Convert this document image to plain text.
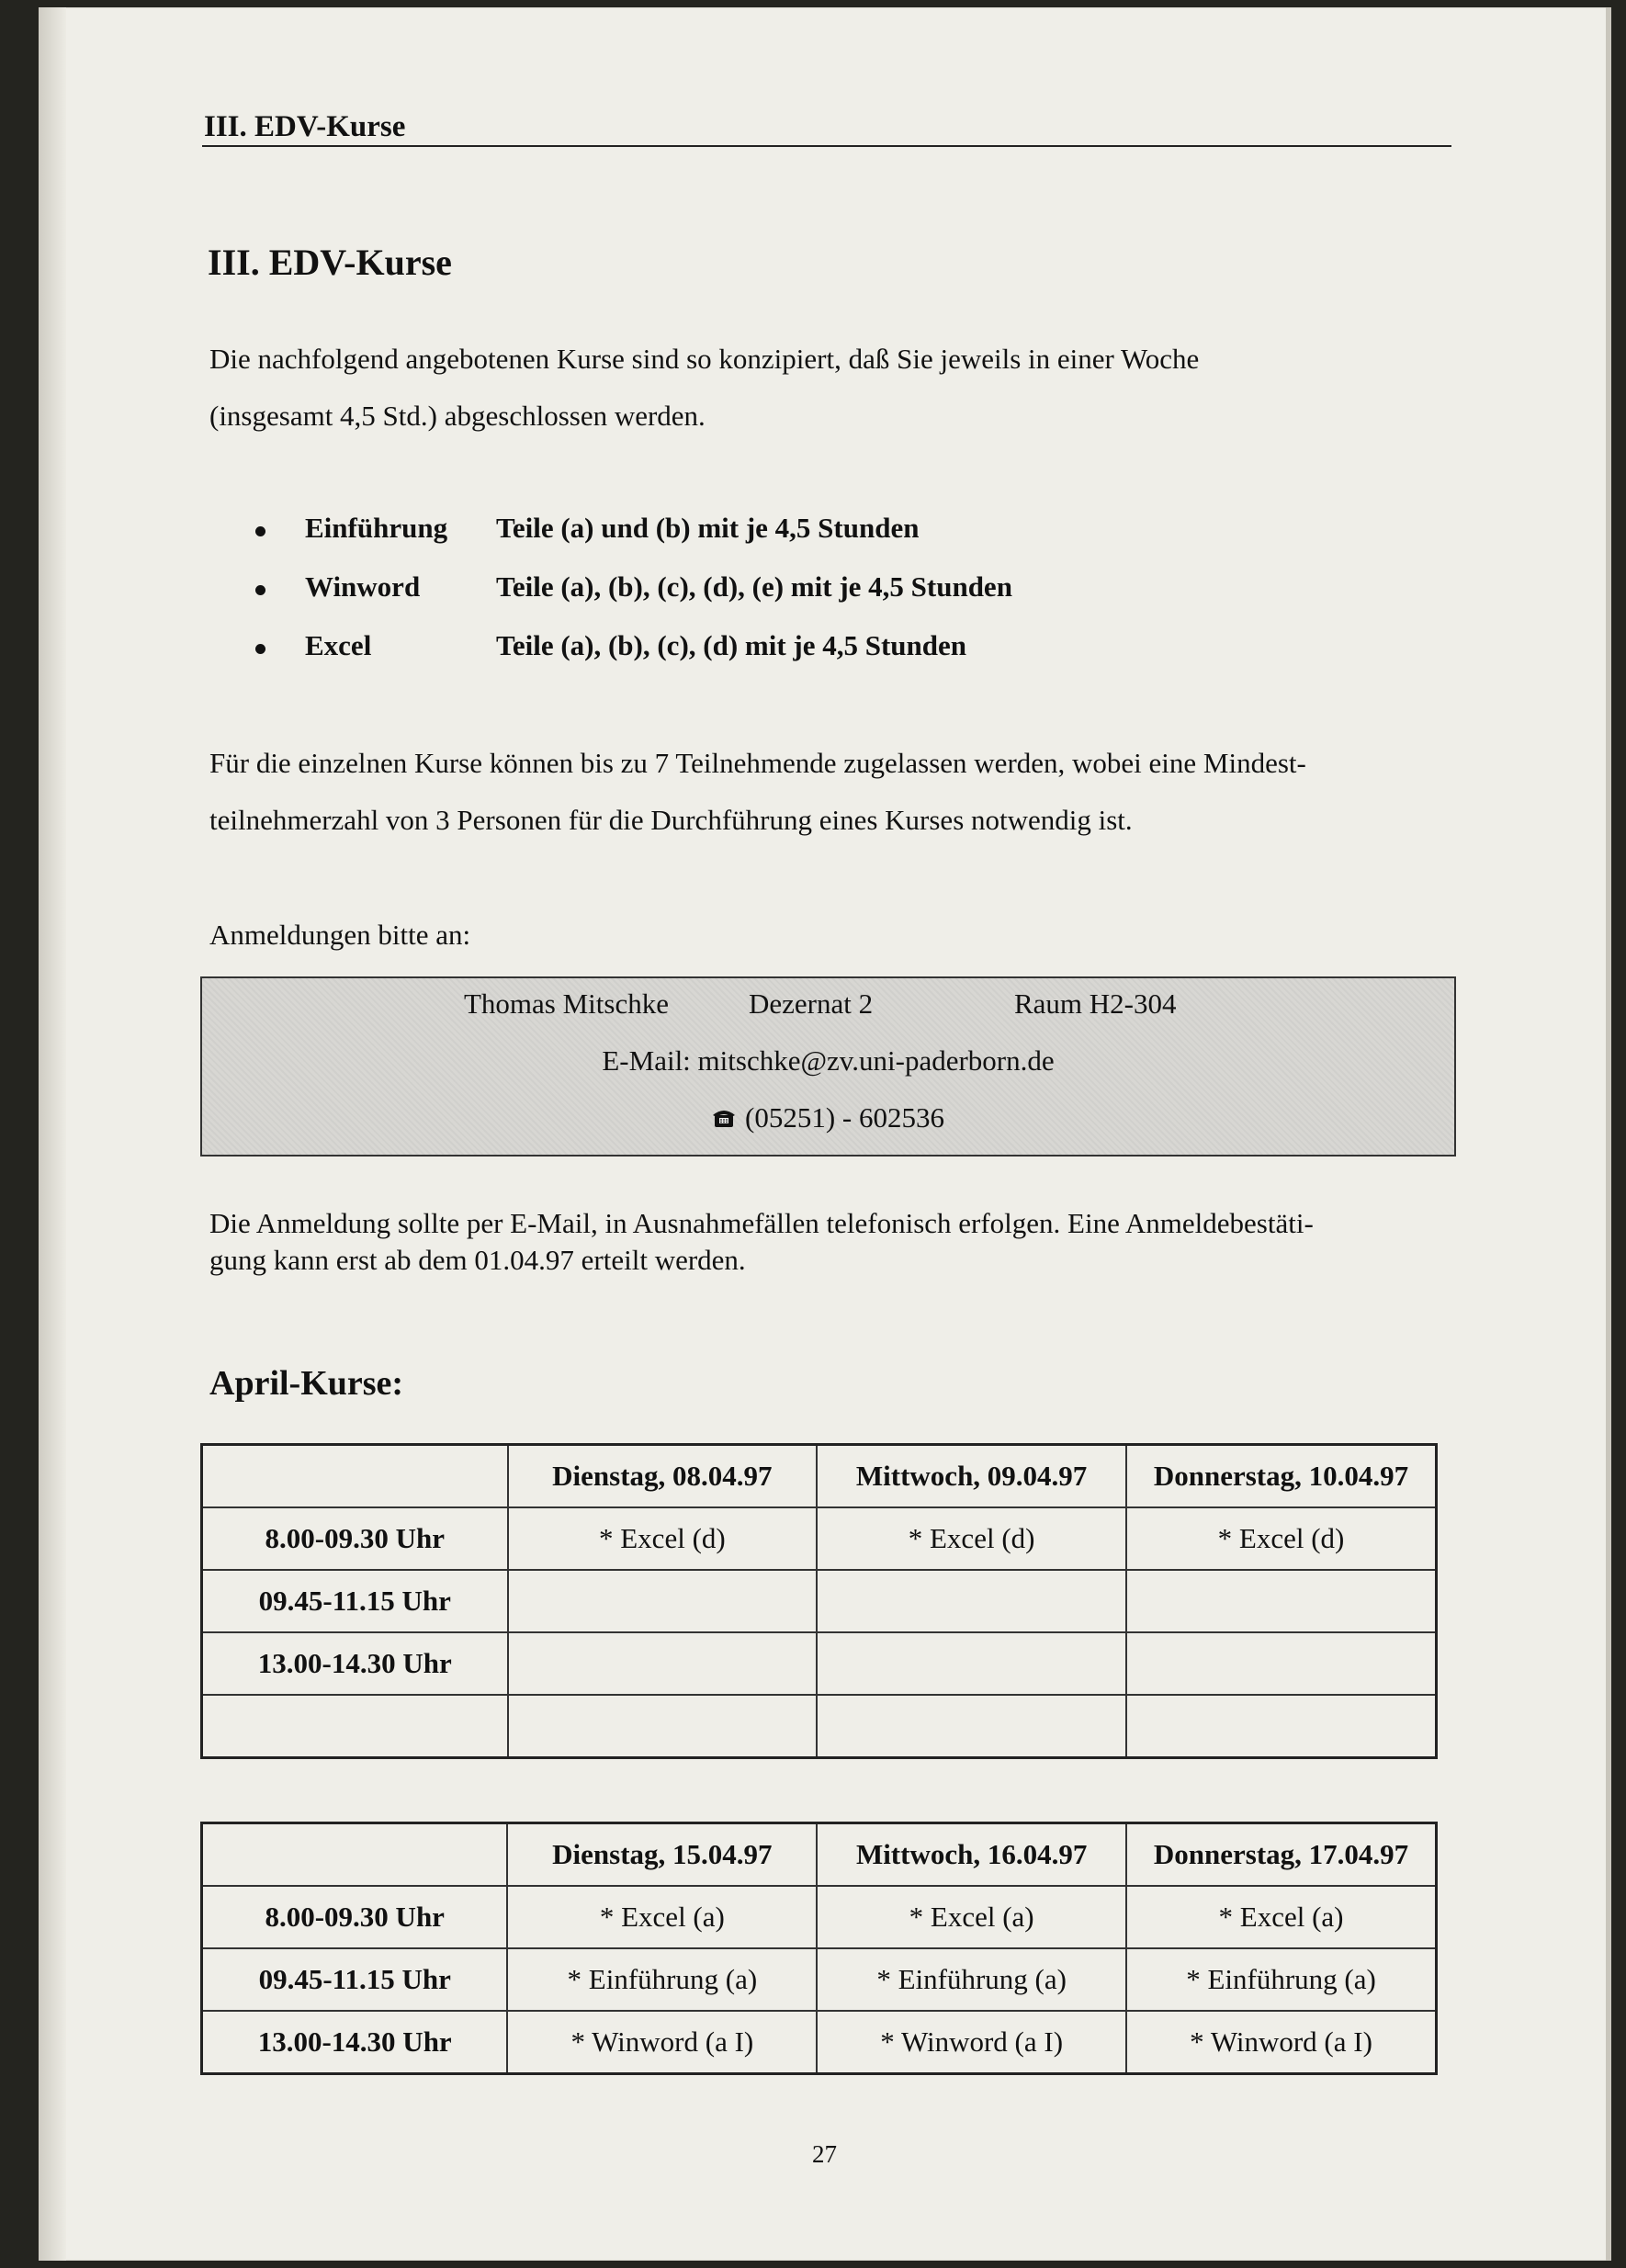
III. EDV-Kurse
III. EDV-Kurse
Die nachfolgend angebotenen Kurse sind so konzipiert, daß Sie jeweils in einer Woche
(insgesamt 4,5 Std.) abgeschlossen werden.
Einführung Teile (a) und (b) mit je 4,5 Stunden
Winword	Teile (a), (b), (c), (d), (e) mit je 4,5 Stunden
Excel	Teile (a), (b), (c), (d) mit je 4,5 Stunden
Für die einzelnen Kurse können bis zu 7 Teilnehmende zugelassen werden, wobei eine Mindest-
teilnehmerzahl von 3 Personen für die Durchführung eines Kurses notwendig ist.
Anmeldungen bitte an:
Thomas Mitschke	Dezernat 2	Raum H2-304
E-Mail: mitschke@zv.uni-paderborn.de
(05251) - 602536
Die Anmeldung sollte per E-Mail, in Ausnahmefällen telefonisch erfolgen. Eine Anmeldebestäti-
gung kann erst ab dem 01.04.97 erteilt werden.
April-Kurse:
	Dienstag, 08.04.97	Mittwoch, 09.04.97	Donnerstag, 10.04.97
8.00-09.30 Uhr	* Excel (d)	* Excel (d)	* Excel (d)
09.45-11.15 Uhr			
13.00-14.30 Uhr			

	Dienstag, 15.04.97	Mittwoch, 16.04.97	Donnerstag, 17.04.97
8.00-09.30 Uhr	* Excel (a)	* Excel (a)	* Excel (a)
09.45-11.15 Uhr	* Einführung (a)	* Einführung (a)	* Einführung (a)
13.00-14.30 Uhr	* Winword (a I)	* Winword (a I)	* Winword (a I)
27
